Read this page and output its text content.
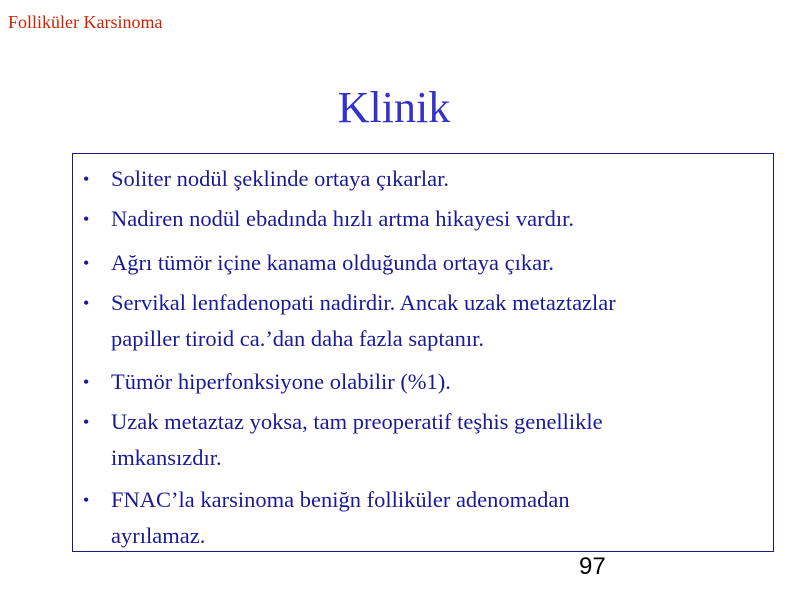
Folliküler Karsinoma
Klinik
• Soliter nodül şeklinde ortaya çıkarlar.
• Nadiren nodül ebadında hızlı artma hikayesi vardır.
• Ağrı tümör içine kanama olduğunda ortaya çıkar.
• Servikal lenfadenopati nadirdir. Ancak uzak metaztazlar
papiller tiroid ca.’dan daha fazla saptanır.
• Tümör hiperfonksiyone olabilir (%1).
• Uzak metaztaz yoksa, tam preoperatif teşhis genellikle
imkansızdır.
• FNAC’la karsinoma beniğn folliküler adenomadan
ayrılamaz.
97
